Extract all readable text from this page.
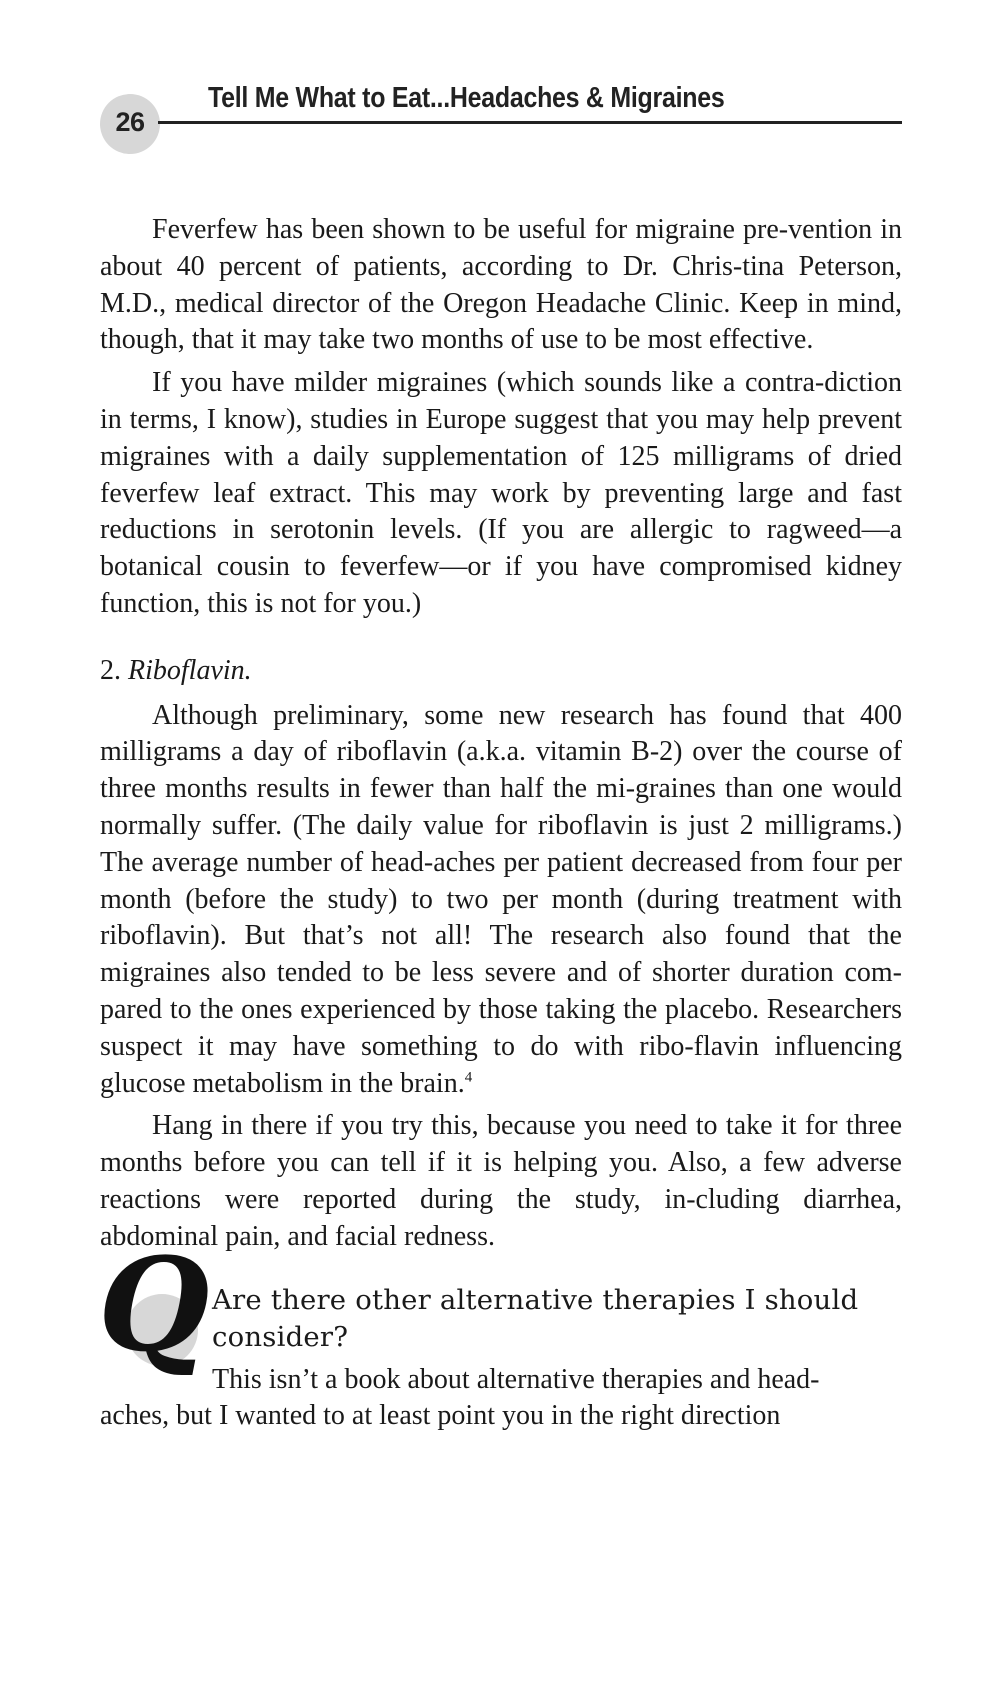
26
Tell Me What to Eat...Headaches & Migraines

Feverfew has been shown to be useful for migraine pre-vention in about 40 percent of patients, according to Dr. Chris-tina Peterson, M.D., medical director of the Oregon Headache Clinic. Keep in mind, though, that it may take two months of use to be most effective.

If you have milder migraines (which sounds like a contra-diction in terms, I know), studies in Europe suggest that you may help prevent migraines with a daily supplementation of 125 milligrams of dried feverfew leaf extract. This may work by preventing large and fast reductions in serotonin levels. (If you are allergic to ragweed—a botanical cousin to feverfew—or if you have compromised kidney function, this is not for you.)

2. Riboflavin.

Although preliminary, some new research has found that 400 milligrams a day of riboflavin (a.k.a. vitamin B-2) over the course of three months results in fewer than half the mi-graines than one would normally suffer. (The daily value for riboflavin is just 2 milligrams.) The average number of head-aches per patient decreased from four per month (before the study) to two per month (during treatment with riboflavin). But that’s not all! The research also found that the migraines also tended to be less severe and of shorter duration com-pared to the ones experienced by those taking the placebo. Researchers suspect it may have something to do with ribo-flavin influencing glucose metabolism in the brain.$^4$

Hang in there if you try this, because you need to take it for three months before you can tell if it is helping you. Also, a few adverse reactions were reported during the study, in-cluding diarrhea, abdominal pain, and facial redness.

Q Are there other alternative therapies I should consider?
This isn’t a book about alternative therapies and head-
aches, but I wanted to at least point you in the right direction
